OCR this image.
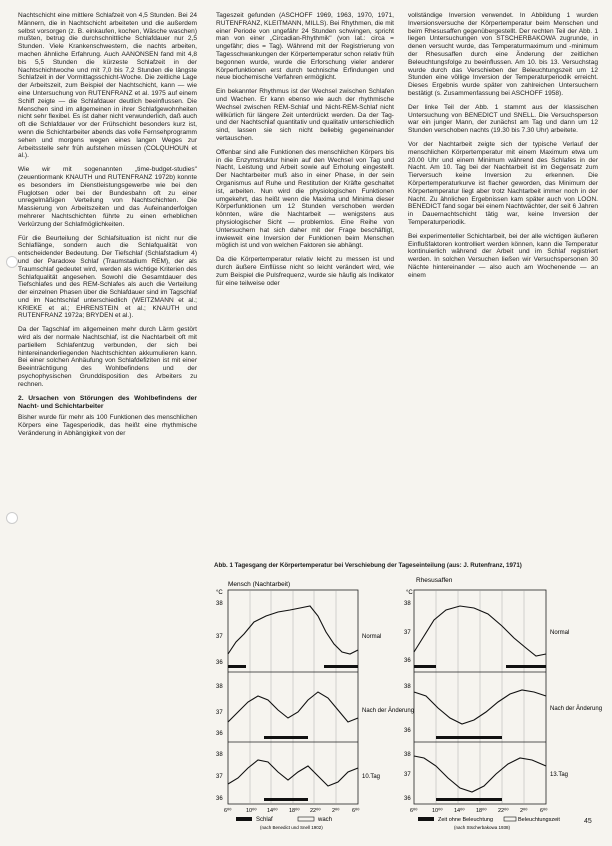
Nachtschicht eine mittlere Schlafzeit von 4,5 Stunden. Bei 24 Männern, die in Nachtschicht arbeiteten und die außerdem selbst vorsorgen (z. B. einkaufen, kochen, Wäsche waschen) mußten, betrug die durchschnittliche Schlafdauer nur 2,5 Stunden. Viele Krankenschwestern, die nachts arbeiten, machen ähnliche Erfahrung. Auch AANONSEN fand mit 4,8 bis 5,5 Stunden die kürzeste Schlafzeit in der Nachtschichtwoche und mit 7,0 bis 7,2 Stunden die längste Schlafzeit in der Vormittagsschicht-Woche. Die zeitliche Lage der Arbeitszeit, zum Beispiel der Nachtschicht, kann — wie eine Untersuchung von RUTENFRANZ et al. 1975 auf einem Schiff zeigte — die Schlafdauer deutlich beeinflussen. Die Menschen sind im allgemeinen in ihrer Schlafgewohnheiten nicht sehr flexibel. Es ist daher nicht verwunderlich, daß auch oft die Schlafdauer vor der Frühschicht besonders kurz ist, wenn die Schichtarbeiter abends das volle Fernsehprogramm sehen und morgens wegen eines langen Weges zur Arbeitsstelle sehr früh aufstehen müssen (COLQUHOUN et al.).

Wie wir mit sogenannten „time-budget-studies" (zeuentiormank KNAUTH und RUTENFRANZ 1972b) konnte es besonders im Dienstleistungsgewerbe wie bei den Fluglotsen oder bei der Bundesbahn oft zu einer unregelmäßigen Verteilung von Nachtschichten. Die Massierung von Arbeitszeiten und das Aufeinanderfolgen mehrerer Nachtschichten führte zu einen erheblichen Verkürzung der Schlafmöglichkeiten.

Für die Beurteilung der Schlafsituation ist nicht nur die Schlaflänge, sondern auch die Schlafqualität von entscheidender Bedeutung. Der Tiefschlaf (Schlafstadium 4) und der Paradoxe Schlaf (Traumstadium REM), der als Traumschlaf gedeutet wird, werden als wichtige Kriterien des Schlafqualität angesehen. Sowohl die Gesamtdauer des Tiefschlafes und des REM-Schlafes als auch die Verteilung der einzelnen Phasen über die Schlafdauer sind im Tagschlaf und im Nachtschlaf unterschiedlich (WEITZMANN et al.; KRIEKE et al.; EHRENSTEIN et al.; KNAUTH und RUTENFRANZ 1972a; BRYDEN et al.).

Da der Tagschlaf im allgemeinen mehr durch Lärm gestört wird als der normale Nachtschlaf, ist die Nachtarbeit oft mit partiellem Schlafentzug verbunden, der sich bei hintereinanderliegenden Nachtschichten akkumulieren kann. Bei einer solchen Anhäufung von Schlafdefiziten ist mit einer Beeinträchtigung des Wohlbefindens und der psychophysischen Grunddisposition des Arbeiters zu rechnen.

2. Ursachen von Störungen des Wohlbefindens der Nacht- und Schichtarbeiter

Bisher wurde für mehr als 100 Funktionen des menschlichen Körpers eine Tagesperiodik, das heißt eine rhythmische Veränderung in Abhängigkeit von der

Tageszeit gefunden (ASCHOFF 1969, 1963, 1970, 1971, RUTENFRANZ, KLEITMANN, MILLS). Bei Rhythmen, die mit einer Periode von ungefähr 24 Stunden schwingen, spricht man von einer „Circadian-Rhythmik" (von lat.: circa = ungefähr; dies = Tag). Während mit der Registrierung von Tagesschwankungen der Körpertemperatur schon relativ früh begonnen wurde, wurde die Erforschung vieler anderer Körperfunktionen erst durch technische Erfindungen und neue biochemische Verfahren ermöglicht.

Ein bekannter Rhythmus ist der Wechsel zwischen Schlafen und Wachen. Er kann ebenso wie auch der rhythmische Wechsel zwischen REM-Schlaf und Nicht-REM-Schlaf nicht willkürlich für längere Zeit unterdrückt werden. Da der Tag- und der Nachtschlaf quantitativ und qualitativ unterschiedlich sind, lassen sie sich nicht beliebig gegeneinander vertauschen.

Offenbar sind alle Funktionen des menschlichen Körpers bis in die Enzymstruktur hinein auf den Wechsel von Tag und Nacht, Leistung und Arbeit sowie auf Erholung eingestellt. Der Nachtarbeiter muß also in einer Phase, in der sein Organismus auf Ruhe und Restitution der Kräfte geschaltet ist, arbeiten. Nun wird die physiologischen Funktionen umgekehrt, das heißt wenn die Maxima und Minima dieser Körperfunktionen um 12 Stunden verschoben werden könnten, wäre die Nachtarbeit — wenigstens aus physiologischer Sicht — problemlos. Eine Reihe von Untersuchern hat sich daher mit der Frage beschäftigt, inwieweit eine Inversion der Funktionen beim Menschen möglich ist und von welchen Faktoren sie abhängt.

Da die Körpertemperatur relativ leicht zu messen ist und durch äußere Einflüsse nicht so leicht verändert wird, wie zum Beispiel die Pulsfrequenz, wurde sie häufig als Indikator für eine teilweise oder

vollständige Inversion verwendet. In Abbildung 1 wurden Inversionsversuche der Körpertemperatur beim Menschen und beim Rhesusaffen gegenübergestellt. Der rechten Teil der Abb. 1 liegen Untersuchungen von STSCHERBAKOWA zugrunde, in denen versucht wurde, das Temperaturmaximum und -minimum der Rhesusaffen durch eine Änderung der zeitlichen Beleuchtungsfolge zu beeinflussen. Am 10. bis 13. Versuchstag wurde durch das Verschieben der Beleuchtungszeit um 12 Stunden eine völlige Inversion der Temperaturperiodik erreicht. Dieses Ergebnis wurde später von zahlreichen Untersuchern bestätigt (s. Zusammenfassung bei ASCHOFF 1958).

Der linke Teil der Abb. 1 stammt aus der klassischen Untersuchung von BENEDICT und SNELL. Die Versuchsperson war ein junger Mann, der zunächst am Tag und dann um 12 Stunden verschoben nachts (19.30 bis 7.30 Uhr) arbeitete.

Vor der Nachtarbeit zeigte sich der typische Verlauf der menschlichen Körpertemperatur mit einem Maximum etwa um 20.00 Uhr und einem Minimum während des Schlafes in der Nacht. Am 10. Tag bei der Nachtarbeit ist im Gegensatz zum Tierversuch keine Inversion zu erkennen. Die Körpertemperaturkurve ist flacher geworden, das Minimum der Körpertemperatur liegt aber trotz Nachtarbeit immer noch in der Nacht. Zu ähnlichen Ergebnissen kam später auch von LOON. BENEDICT fand sogar bei einem Nachtwächter, der seit 6 Jahren in Dauernachtschicht tätig war, keine Inversion der Temperaturperiodik.

Bei experimenteller Schichtarbeit, bei der alle wichtigen äußeren Einflußfaktoren kontrolliert werden können, kann die Temperatur kontinuierlich während der Arbeit und im Schlaf registriert werden. In solchen Versuchen ließen wir Versuchspersonen 30 Nächte hintereinander — also auch am Wochenende — an einem

Abb. 1 Tagesgang der Körpertemperatur bei Verschiebung der Tageseinteilung (aus: J. Rutenfranz, 1971)
Mensch (Nachtarbeit)
°C
38
37
36
38
37
36
38
37
36
Normal
Nach der Änderung
10.Tag
6⁰⁰	10⁰⁰ 14⁰⁰ 18⁰⁰ 22⁰⁰ 2⁰⁰ 6⁰⁰
Schlaf	wach
(nach Benedict und Snell 1902)
Rhesusaffen
°C
38
37
36
38
36
38
37
36
Normal
Nach der Änderung
13.Tag
6⁰⁰	10⁰⁰ 14⁰⁰ 18⁰⁰ 22⁰⁰ 2⁰⁰ 6⁰⁰
Zeit ohne Beleuchtung	Beleuchtungszeit
(nach Stscherbakowa 1938)
45
